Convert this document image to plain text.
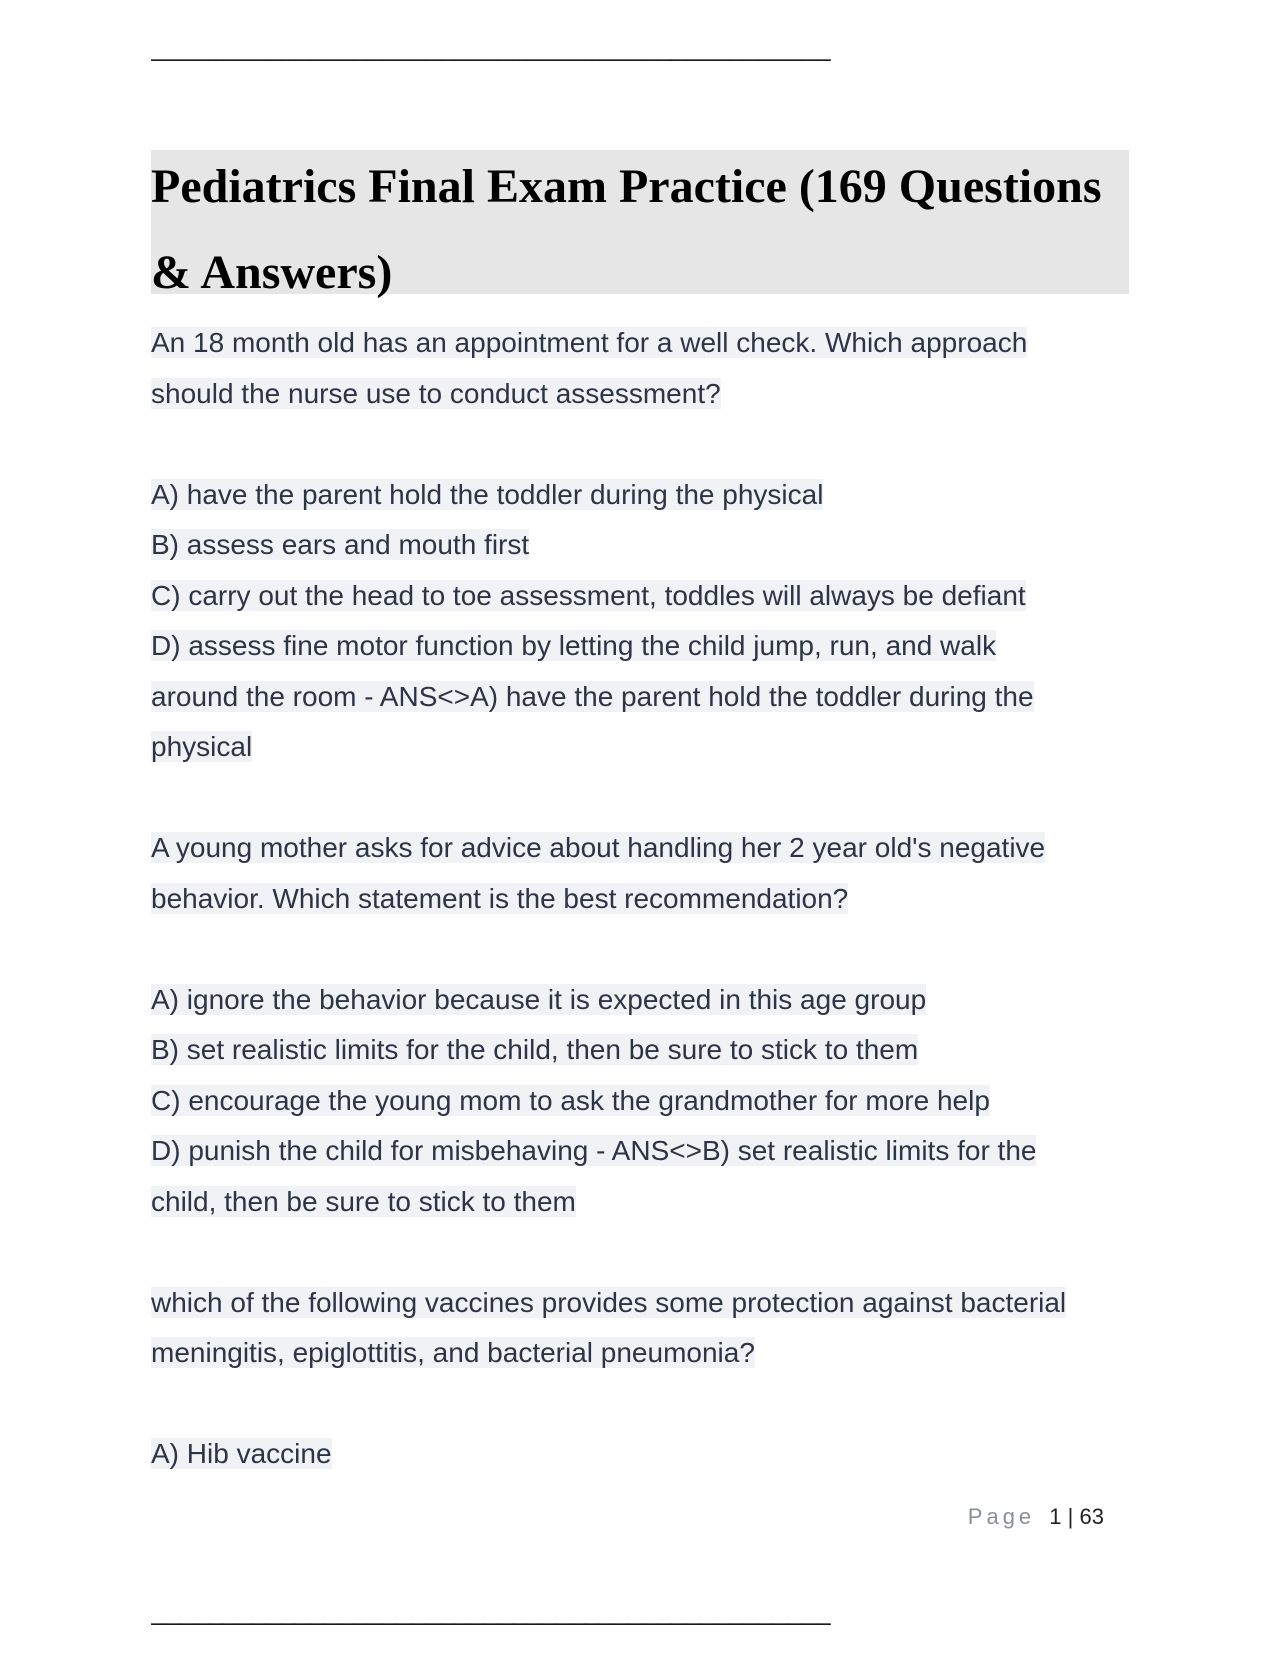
_______________________________________________
Pediatrics Final Exam Practice (169 Questions & Answers)

An 18 month old has an appointment for a well check. Which approach

should the nurse use to conduct assessment?

A) have the parent hold the toddler during the physical

B) assess ears and mouth first

C) carry out the head to toe assessment, toddles will always be defiant

D) assess fine motor function by letting the child jump, run, and walk

around the room - ANS<>A) have the parent hold the toddler during the

physical

A young mother asks for advice about handling her 2 year old's negative

behavior. Which statement is the best recommendation?

A) ignore the behavior because it is expected in this age group

B) set realistic limits for the child, then be sure to stick to them

C) encourage the young mom to ask the grandmother for more help

D) punish the child for misbehaving - ANS<>B) set realistic limits for the

child, then be sure to stick to them

which of the following vaccines provides some protection against bacterial

meningitis, epiglottitis, and bacterial pneumonia?

A) Hib vaccine

Page 1 | 63
_______________________________________________
